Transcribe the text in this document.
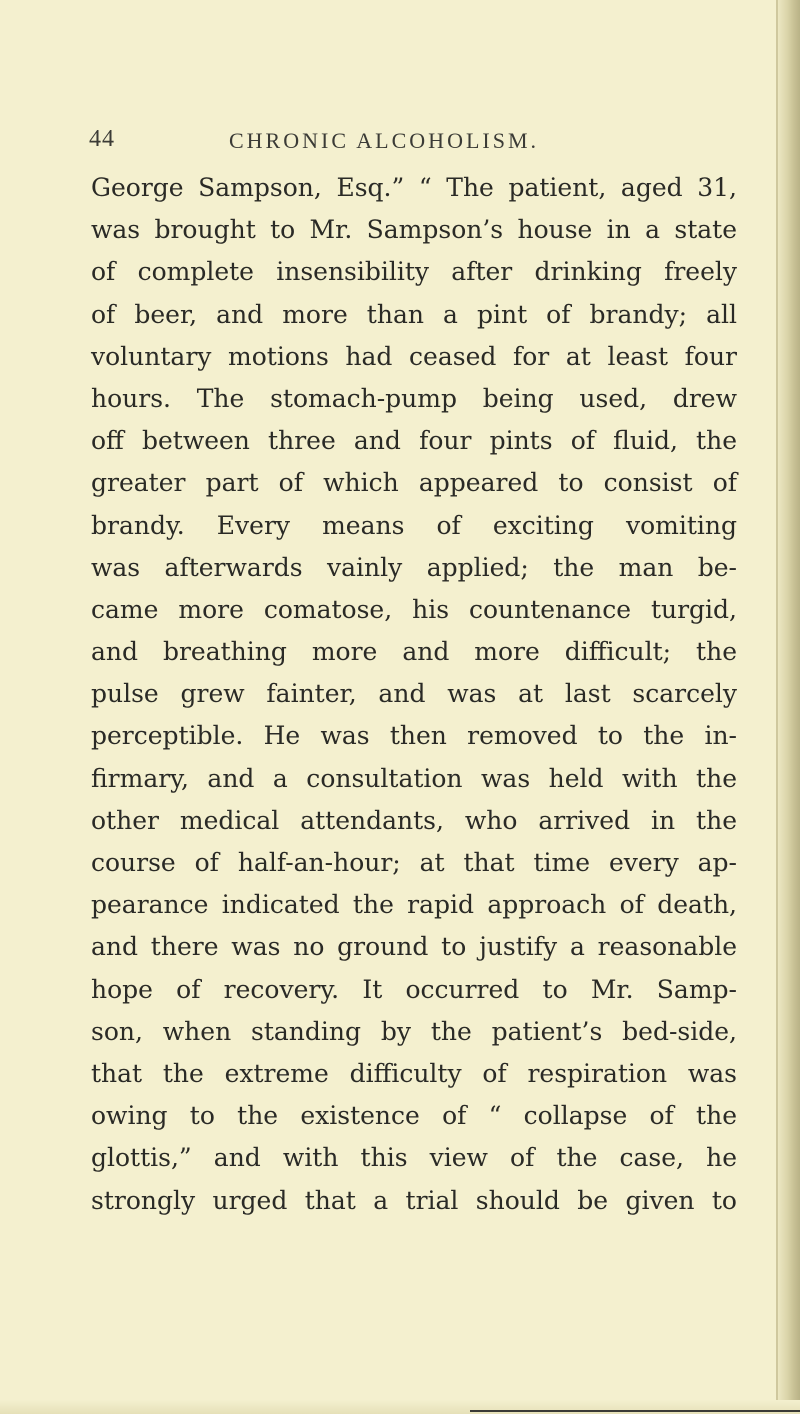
44	CHRONIC ALCOHOLISM.
George Sampson, Esq.” “ The patient, aged 31,
was brought to Mr. Sampson’s house in a state
of complete insensibility after drinking freely
of beer, and more than a pint of brandy; all
voluntary motions had ceased for at least four
hours. The stomach-pump being used, drew
off between three and four pints of fluid, the
greater part of which appeared to consist of
brandy. Every means of exciting vomiting
was afterwards vainly applied; the man be-
came more comatose, his countenance turgid,
and breathing more and more difficult; the
pulse grew fainter, and was at last scarcely
perceptible. He was then removed to the in-
firmary, and a consultation was held with the
other medical attendants, who arrived in the
course of half-an-hour; at that time every ap-
pearance indicated the rapid approach of death,
and there was no ground to justify a reasonable
hope of recovery. It occurred to Mr. Samp-
son, when standing by the patient’s bed-side,
that the extreme difficulty of respiration was
owing to the existence of “ collapse of the
glottis,” and with this view of the case, he
strongly urged that a trial should be given to
